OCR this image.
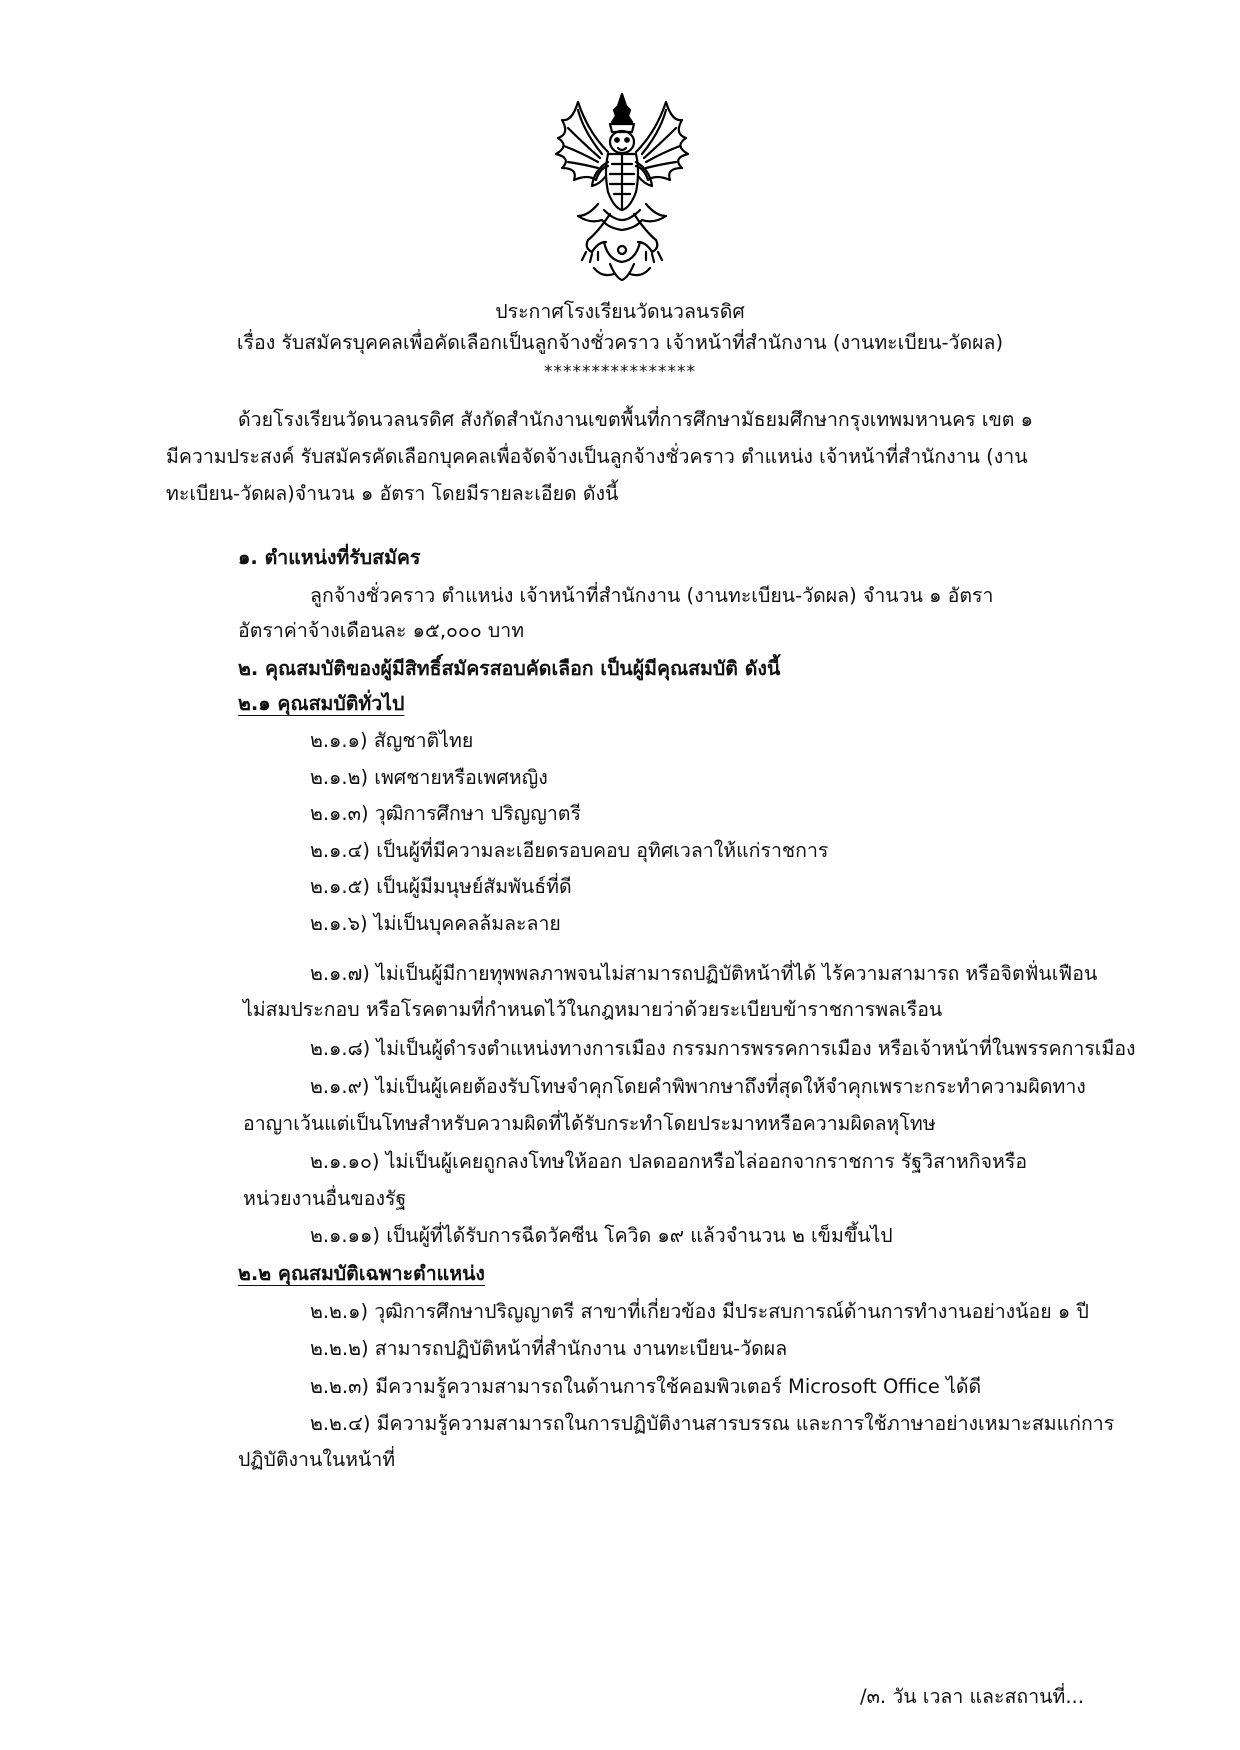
ประกาศโรงเรียนวัดนวลนรดิศ
เรื่อง รับสมัครบุคคลเพื่อคัดเลือกเป็นลูกจ้างชั่วคราว เจ้าหน้าที่สำนักงาน (งานทะเบียน-วัดผล)
****************
ด้วยโรงเรียนวัดนวลนรดิศ สังกัดสำนักงานเขตพื้นที่การศึกษามัธยมศึกษากรุงเทพมหานคร เขต ๑
มีความประสงค์ รับสมัครคัดเลือกบุคคลเพื่อจัดจ้างเป็นลูกจ้างชั่วคราว ตำแหน่ง เจ้าหน้าที่สำนักงาน (งาน
ทะเบียน-วัดผล)จำนวน ๑ อัตรา โดยมีรายละเอียด ดังนี้
๑. ตำแหน่งที่รับสมัคร
ลูกจ้างชั่วคราว ตำแหน่ง เจ้าหน้าที่สำนักงาน (งานทะเบียน-วัดผล) จำนวน ๑ อัตรา
อัตราค่าจ้างเดือนละ ๑๕,๐๐๐ บาท
๒. คุณสมบัติของผู้มีสิทธิ์สมัครสอบคัดเลือก เป็นผู้มีคุณสมบัติ ดังนี้
๒.๑ คุณสมบัติทั่วไป
๒.๑.๑) สัญชาติไทย
๒.๑.๒) เพศชายหรือเพศหญิง
๒.๑.๓) วุฒิการศึกษา ปริญญาตรี
๒.๑.๔) เป็นผู้ที่มีความละเอียดรอบคอบ อุทิศเวลาให้แก่ราชการ
๒.๑.๕) เป็นผู้มีมนุษย์สัมพันธ์ที่ดี
๒.๑.๖) ไม่เป็นบุคคลล้มละลาย
๒.๑.๗) ไม่เป็นผู้มีกายทุพพลภาพจนไม่สามารถปฏิบัติหน้าที่ได้ ไร้ความสามารถ หรือจิตฟั่นเฟือน
ไม่สมประกอบ หรือโรคตามที่กำหนดไว้ในกฎหมายว่าด้วยระเบียบข้าราชการพลเรือน
๒.๑.๘) ไม่เป็นผู้ดำรงตำแหน่งทางการเมือง กรรมการพรรคการเมือง หรือเจ้าหน้าที่ในพรรคการเมือง
๒.๑.๙) ไม่เป็นผู้เคยต้องรับโทษจำคุกโดยคำพิพากษาถึงที่สุดให้จำคุกเพราะกระทำความผิดทาง
อาญาเว้นแต่เป็นโทษสำหรับความผิดที่ได้รับกระทำโดยประมาทหรือความผิดลหุโทษ
๒.๑.๑๐) ไม่เป็นผู้เคยถูกลงโทษให้ออก ปลดออกหรือไล่ออกจากราชการ รัฐวิสาหกิจหรือ
หน่วยงานอื่นของรัฐ
๒.๑.๑๑) เป็นผู้ที่ได้รับการฉีดวัคซีน โควิด ๑๙ แล้วจำนวน ๒ เข็มขึ้นไป
๒.๒ คุณสมบัติเฉพาะตำแหน่ง
๒.๒.๑) วุฒิการศึกษาปริญญาตรี สาขาที่เกี่ยวข้อง มีประสบการณ์ด้านการทำงานอย่างน้อย ๑ ปี
๒.๒.๒) สามารถปฏิบัติหน้าที่สำนักงาน งานทะเบียน-วัดผล
๒.๒.๓) มีความรู้ความสามารถในด้านการใช้คอมพิวเตอร์ Microsoft Office ได้ดี
๒.๒.๔) มีความรู้ความสามารถในการปฏิบัติงานสารบรรณ และการใช้ภาษาอย่างเหมาะสมแก่การ
ปฏิบัติงานในหน้าที่
/๓. วัน เวลา และสถานที่...
